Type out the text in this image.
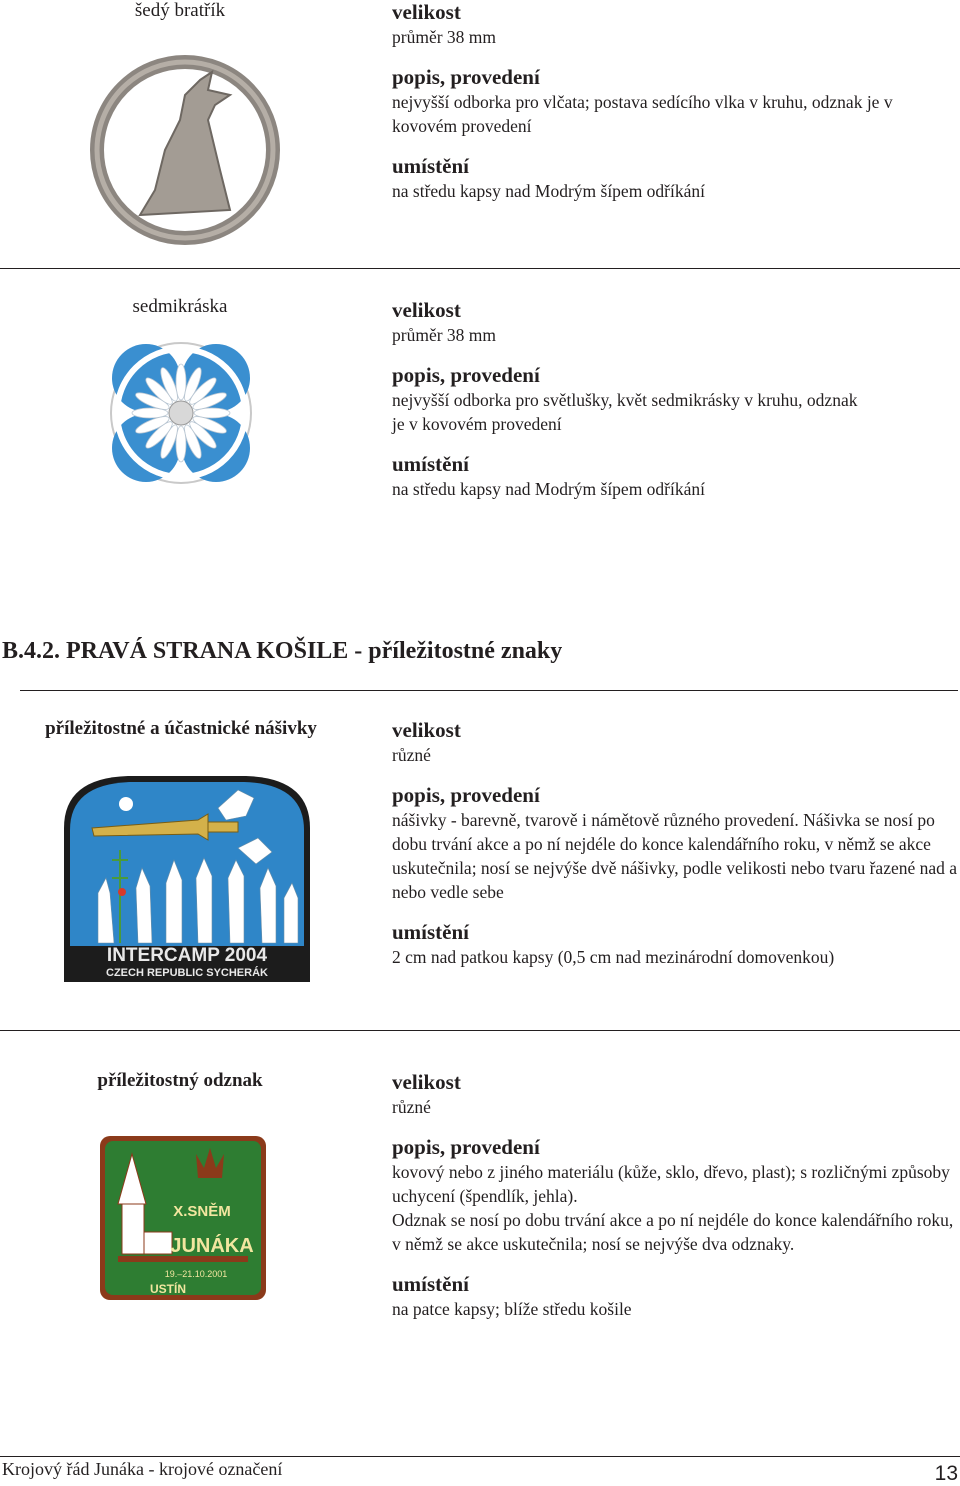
šedý bratřík	velikost

průměr 38 mm

popis, provedení

nejvyšší odborka pro vlčata; postava sedícího vlka v kruhu, odznak je v kovovém provedení

umístění

na středu kapsy nad Modrým šípem odříkání

sedmikráska	velikost

průměr 38 mm

popis, provedení

nejvyšší odborka pro světlušky, květ sedmikrásky v kruhu, odznak je v kovovém provedení

umístění

na středu kapsy nad Modrým šípem odříkání

B.4.2. PRAVÁ STRANA KOŠILE - příležitostné znaky
příležitostné a účastnické nášivky
INTERCAMP 2004
CZECH REPUBLIC SYCHERÁK

velikost

různé

popis, provedení

nášivky - barevně, tvarově i námětově různého provedení. Nášivka se nosí po dobu trvání akce a po ní nejdéle do konce kalendářního roku, v němž se akce uskutečnila; nosí se nejvýše dvě nášivky, podle velikosti nebo tvaru řazené nad a nebo vedle sebe

umístění

2 cm nad patkou kapsy (0,5 cm nad mezinárodní domovenkou)

příležitostný odznak
X.SNĚM
JUNÁKA
19.–21.10.2001
USTÍN

velikost

různé

popis, provedení

kovový nebo z jiného materiálu (kůže, sklo, dřevo, plast); s rozličnými způsoby uchycení (špendlík, jehla).

Odznak se nosí po dobu trvání akce a po ní nejdéle do konce kalendářního roku, v němž se akce uskutečnila; nosí se nejvýše dva odznaky.

umístění

na patce kapsy; blíže středu košile

Krojový řád Junáka - krojové označení	13
